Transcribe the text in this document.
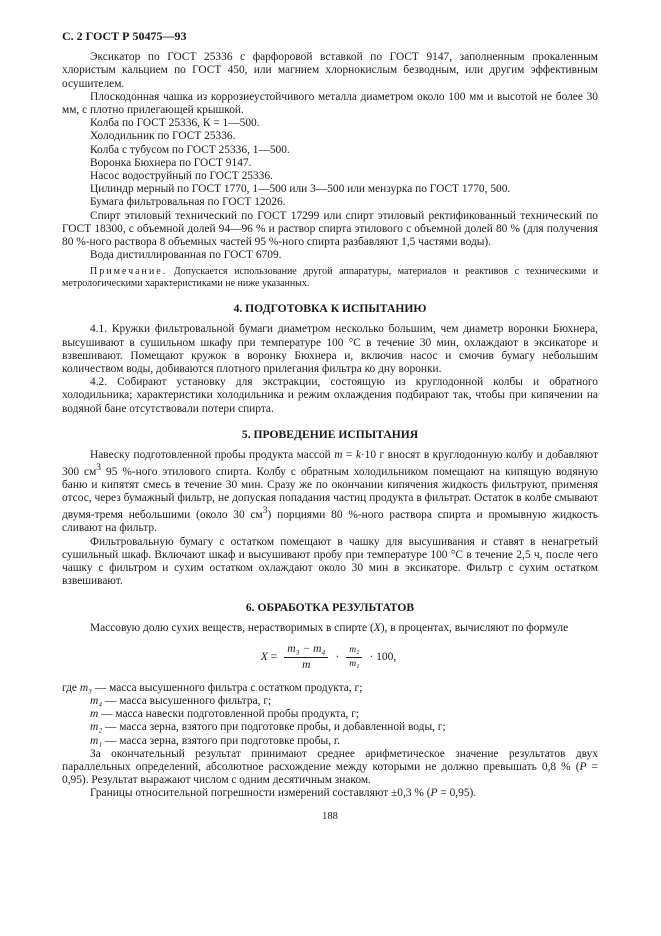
С. 2 ГОСТ Р 50475—93

Эксикатор по ГОСТ 25336 с фарфоровой вставкой по ГОСТ 9147, заполненным прокаленным хлористым кальцием по ГОСТ 450, или магнием хлорнокислым безводным, или другим эффективным осушителем.

Плоскодонная чашка из коррозиеустойчивого металла диаметром около 100 мм и высотой не более 30 мм, с плотно прилегающей крышкой.

Колба по ГОСТ 25336, К = 1—500.

Холодильник по ГОСТ 25336.

Колба с тубусом по ГОСТ 25336, 1—500.

Воронка Бюхнера по ГОСТ 9147.

Насос водоструйный по ГОСТ 25336.

Цилиндр мерный по ГОСТ 1770, 1—500 или 3—500 или мензурка по ГОСТ 1770, 500.

Бумага фильтровальная по ГОСТ 12026.

Спирт этиловый технический по ГОСТ 17299 или спирт этиловый ректификованный технический по ГОСТ 18300, с объемной долей 94—96 % и раствор спирта этилового с объемной долей 80 % (для получения 80 %-ного раствора 8 объемных частей 95 %-ного спирта разбавляют 1,5 частями воды).

Вода дистиллированная по ГОСТ 6709.

Примечание. Допускается использование другой аппаратуры, материалов и реактивов с техническими и метрологическими характеристиками не ниже указанных.

4. ПОДГОТОВКА К ИСПЫТАНИЮ

4.1. Кружки фильтровальной бумаги диаметром несколько большим, чем диаметр воронки Бюхнера, высушивают в сушильном шкафу при температуре 100 °С в течение 30 мин, охлаждают в эксикаторе и взвешивают. Помещают кружок в воронку Бюхнера и, включив насос и смочив бумагу небольшим количеством воды, добиваются плотного прилегания фильтра ко дну воронки.

4.2. Собирают установку для экстракции, состоящую из круглодонной колбы и обратного холодильника; характеристики холодильника и режим охлаждения подбирают так, чтобы при кипячении на водяной бане отсутствовали потери спирта.

5. ПРОВЕДЕНИЕ ИСПЫТАНИЯ

Навеску подготовленной пробы продукта массой m = k·10 г вносят в круглодонную колбу и добавляют 300 $см^3$ 95 %-ного этилового спирта. Колбу с обратным холодильником помещают на кипящую водяную баню и кипятят смесь в течение 30 мин. Сразу же по окончании кипячения жидкость фильтруют, применяя отсос, через бумажный фильтр, не допуская попадания частиц продукта в фильтрат. Остаток в колбе смывают двумя-тремя небольшими (около 30 $см^3$) порциями 80 %-ного раствора спирта и промывную жидкость сливают на фильтр.

Фильтровальную бумагу с остатком помещают в чашку для высушивания и ставят в ненагретый сушильный шкаф. Включают шкаф и высушивают пробу при температуре 100 °С в течение 2,5 ч, после чего чашку с фильтром и сухим остатком охлаждают около 30 мин в эксикаторе. Фильтр с сухим остатком взвешивают.

6. ОБРАБОТКА РЕЗУЛЬТАТОВ

Массовую долю сухих веществ, нерастворимых в спирте (X), в процентах, вычисляют по формуле

$X = \frac{\text{m₃ − m₄}}{m} \cdot \frac{\text{m₂}}{\text{m₁}} \cdot 100$,

где m₃ — масса высушенного фильтра с остатком продукта, г;

m₄ — масса высушенного фильтра, г;

m — масса навески подготовленной пробы продукта, г;

m₂ — масса зерна, взятого при подготовке пробы, и добавленной воды, г;

m₁ — масса зерна, взятого при подготовке пробы, г.

За окончательный результат принимают среднее арифметическое значение результатов двух параллельных определений, абсолютное расхождение между которыми не должно превышать 0,8 % (P = 0,95). Результат выражают числом с одним десятичным знаком.

Границы относительной погрешности измерений составляют ±0,3 % (P = 0,95).

188
